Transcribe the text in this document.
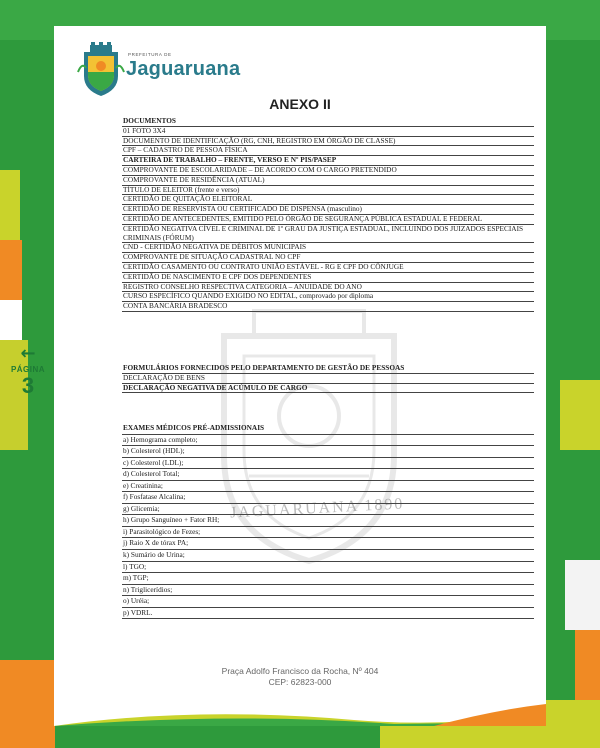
←
PÁGINA
3
PREFEITURA DE
Jaguaruana
JAGUARUANA 1890
ANEXO II
DOCUMENTOS
01 FOTO 3X4
DOCUMENTO DE IDENTIFICAÇÃO (RG, CNH, REGISTRO EM ÓRGÃO DE CLASSE)
CPF – CADASTRO DE PESSOA FÍSICA
CARTEIRA DE TRABALHO – FRENTE, VERSO E Nº PIS/PASEP
COMPROVANTE DE ESCOLARIDADE – DE ACORDO COM O CARGO PRETENDIDO
COMPROVANTE DE RESIDÊNCIA (ATUAL)
TÍTULO DE ELEITOR (frente e verso)
CERTIDÃO DE QUITAÇÃO ELEITORAL
CERTIDÃO DE RESERVISTA OU CERTIFICADO DE DISPENSA (masculino)
CERTIDÃO DE ANTECEDENTES, EMITIDO PELO ÓRGÃO DE SEGURANÇA PÚBLICA ESTADUAL E FEDERAL
CERTIDÃO NEGATIVA CÍVEL E CRIMINAL DE 1º GRAU DA JUSTIÇA ESTADUAL, INCLUINDO DOS JUIZADOS ESPECIAIS CRIMINAIS (FÓRUM)
CND - CERTIDÃO NEGATIVA DE DÉBITOS MUNICIPAIS
COMPROVANTE DE SITUAÇÃO CADASTRAL NO CPF
CERTIDÃO CASAMENTO OU CONTRATO UNIÃO ESTÁVEL - RG E CPF DO CÔNJUGE
CERTIDÃO DE NASCIMENTO E CPF DOS DEPENDENTES
REGISTRO CONSELHO RESPECTIVA CATEGORIA – ANUIDADE DO ANO
CURSO ESPECÍFICO QUANDO EXIGIDO NO EDITAL, comprovado por diploma
CONTA BANCÁRIA BRADESCO
FORMULÁRIOS FORNECIDOS PELO DEPARTAMENTO DE GESTÃO DE PESSOAS
DECLARAÇÃO DE BENS
DECLARAÇÃO NEGATIVA DE ACÚMULO DE CARGO
EXAMES MÉDICOS PRÉ-ADMISSIONAIS
a) Hemograma completo;
b) Colesterol (HDL);
c) Colesterol (LDL);
d) Colesterol Total;
e) Creatinina;
f) Fosfatase Alcalina;
g) Glicemia;
h) Grupo Sanguíneo + Fator RH;
i) Parasitológico de Fezes;
j) Raio X de tórax PA;
k) Sumário de Urina;
l) TGO;
m) TGP;
n) Triglicerídios;
o) Uréia;
p) VDRL.
Praça Adolfo Francisco da Rocha, Nº 404
CEP: 62823-000
